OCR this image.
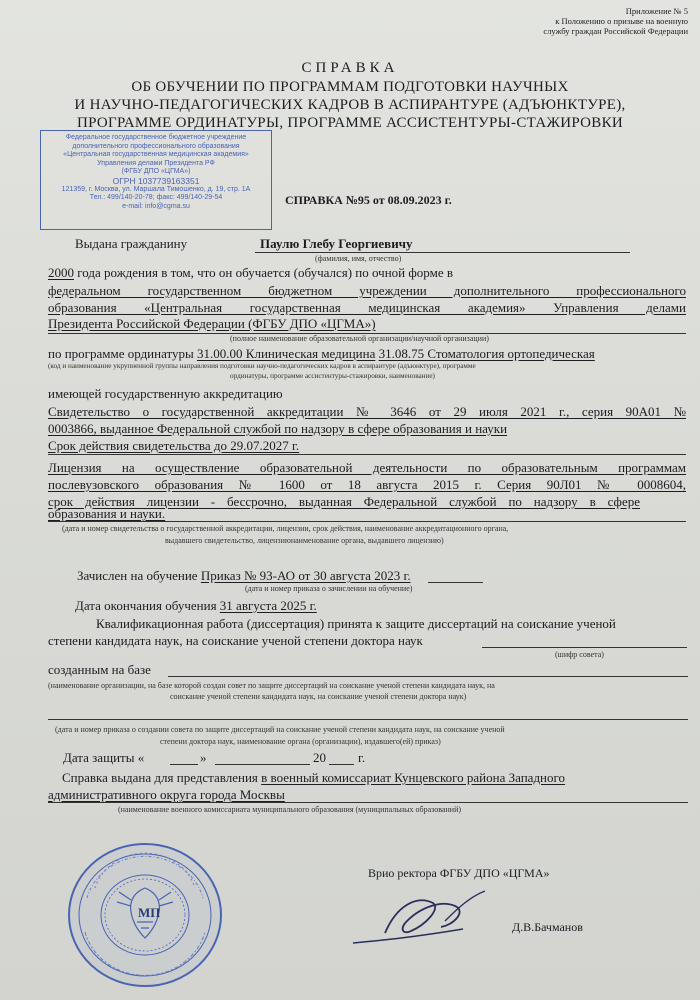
Приложение № 5
к Положению о призыве на военную
службу граждан Российской Федерации
СПРАВКА
ОБ ОБУЧЕНИИ ПО ПРОГРАММАМ ПОДГОТОВКИ НАУЧНЫХ
И НАУЧНО-ПЕДАГОГИЧЕСКИХ КАДРОВ В АСПИРАНТУРЕ (АДЪЮНКТУРЕ),
ПРОГРАММЕ ОРДИНАТУРЫ, ПРОГРАММЕ АССИСТЕНТУРЫ-СТАЖИРОВКИ
Федеральное государственное бюджетное учреждение
дополнительного профессионального образования
«Центральная государственная медицинская академия»
Управления делами Президента РФ
(ФГБУ ДПО «ЦГМА»)
ОГРН 1037739163351
121359, г. Москва, ул. Маршала Тимошенко, д. 19, стр. 1А
Тел.: 499/140-20-78; факс: 499/140-29-54
e-mail: info@cgma.su	СПРАВКА №95 от 08.09.2023 г.
Выдана гражданину	Паулю Глебу Георгиевичу
(фамилия, имя, отчество)
2000 года рождения в том, что он обучается (обучался) по очной форме в
федеральном государственном бюджетном учреждении дополнительного профессионального
образования «Центральная государственная медицинская академия» Управления делами
Президента Российской Федерации (ФГБУ ДПО «ЦГМА»)
(полное наименование образовательной организации/научной организации)
по программе ординатуры 31.00.00 Клиническая медицина 31.08.75 Стоматология ортопедическая
(код и наименование укрупненной группы направления подготовки научно-педагогических кадров в аспирантуре (адъюнктуре), программе
ординатуры, программе ассистентуры-стажировки, наименование)
имеющей государственную аккредитацию
Свидетельство о государственной аккредитации № 3646 от 29 июля 2021 г., серия 90А01 №
0003866, выданное Федеральной службой по надзору в сфере образования и науки
Срок действия свидетельства до 29.07.2027 г.
Лицензия на осуществление образовательной деятельности по образовательным программам
послевузовского образования № 1600 от 18 августа 2015 г. Серия 90Л01 № 0008604,
срок действия лицензии - бессрочно, выданная Федеральной службой по надзору в сфере
образования и науки.
(дата и номер свидетельства о государственной аккредитации, лицензии, срок действия, наименование аккредитационного органа,
выдавшего свидетельство, лицензиюнаименование органа, выдавшего лицензию)
Зачислен на обучение Приказ № 93-АО от 30 августа 2023 г.
(дата и номер приказа о зачислении на обучение)
Дата окончания обучения 31 августа 2025 г.
Квалификационная работа (диссертация) принята к защите диссертаций на соискание ученой
степени кандидата наук, на соискание ученой степени доктора наук
(шифр совета)
созданным на базе
(наименование организации, на базе которой создан совет по защите диссертаций на соискание ученой степени кандидата наук, на
соискание ученой степени кандидата наук, на соискание ученой степени доктора наук)
(дата и номер приказа о создании совета по защите диссертаций на соискание ученой степени кандидата наук, на соискание ученой
степени доктора наук, наименование органа (организации), издавшего(ей) приказ)
Дата защиты «	»	20 г.
Справка выдана для представления в военный комиссариат Кунцевского района Западного
административного округа города Москвы
(наименование военного комиссариата муниципального образования (муниципальных образований)
Врио ректора ФГБУ ДПО «ЦГМА»
Д.В.Бачманов
МП
